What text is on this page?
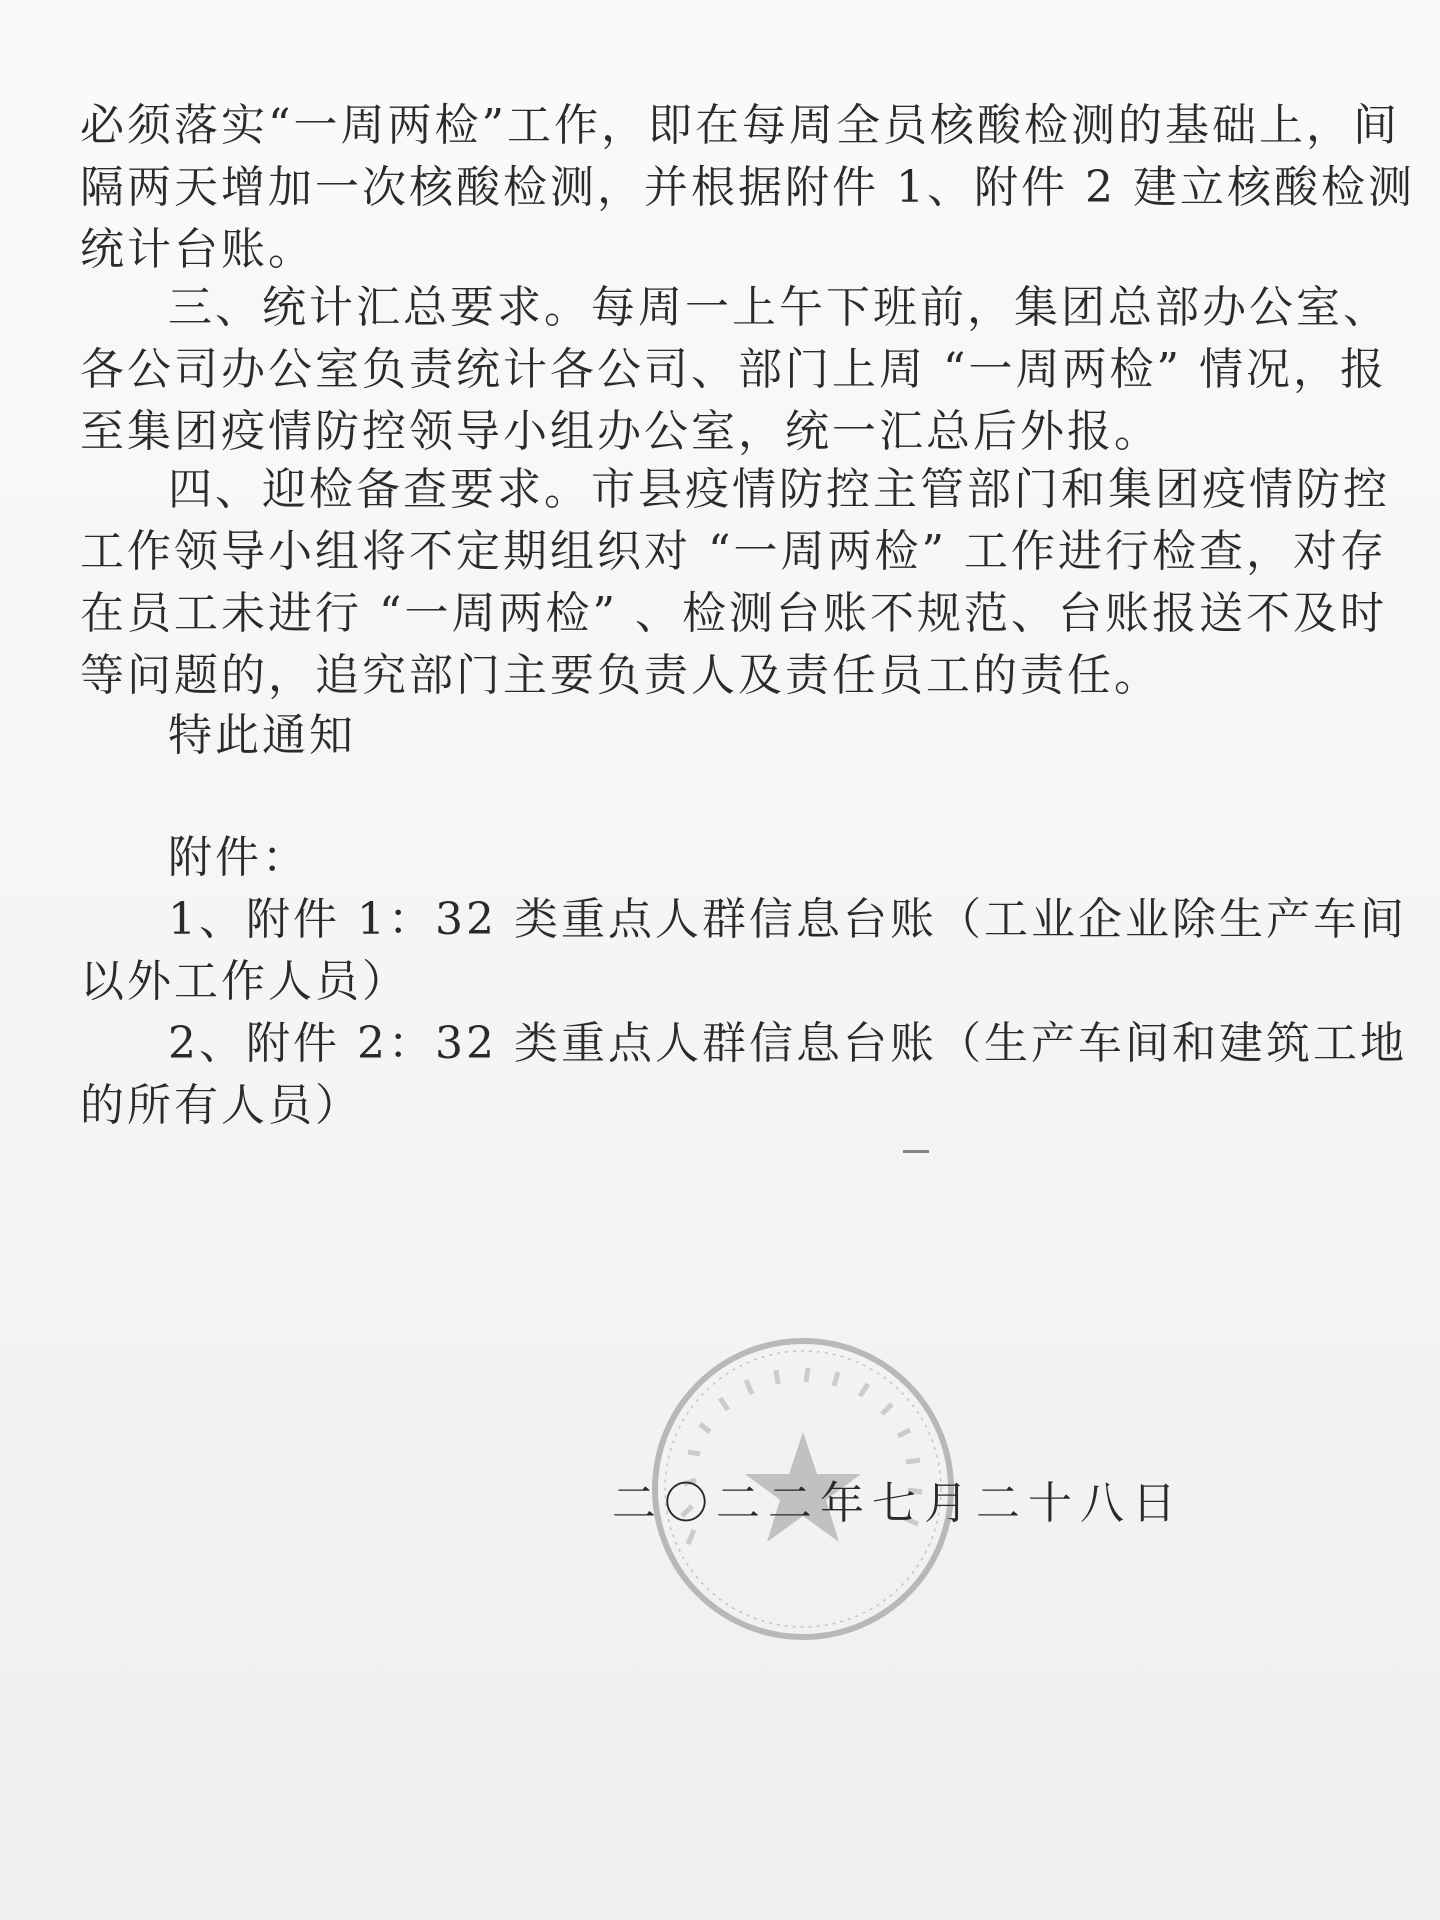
必须落实“一周两检”工作，即在每周全员核酸检测的基础上，间
隔两天增加一次核酸检测，并根据附件 1、附件 2 建立核酸检测
统计台账。
三、统计汇总要求。每周一上午下班前，集团总部办公室、
各公司办公室负责统计各公司、部门上周 “一周两检” 情况，报
至集团疫情防控领导小组办公室，统一汇总后外报。
四、迎检备查要求。市县疫情防控主管部门和集团疫情防控
工作领导小组将不定期组织对 “一周两检” 工作进行检查，对存
在员工未进行 “一周两检” 、检测台账不规范、台账报送不及时
等问题的，追究部门主要负责人及责任员工的责任。
特此通知
附件：
1、附件 1：32 类重点人群信息台账（工业企业除生产车间
以外工作人员）
2、附件 2：32 类重点人群信息台账（生产车间和建筑工地
的所有人员）
二〇二二年七月二十八日
